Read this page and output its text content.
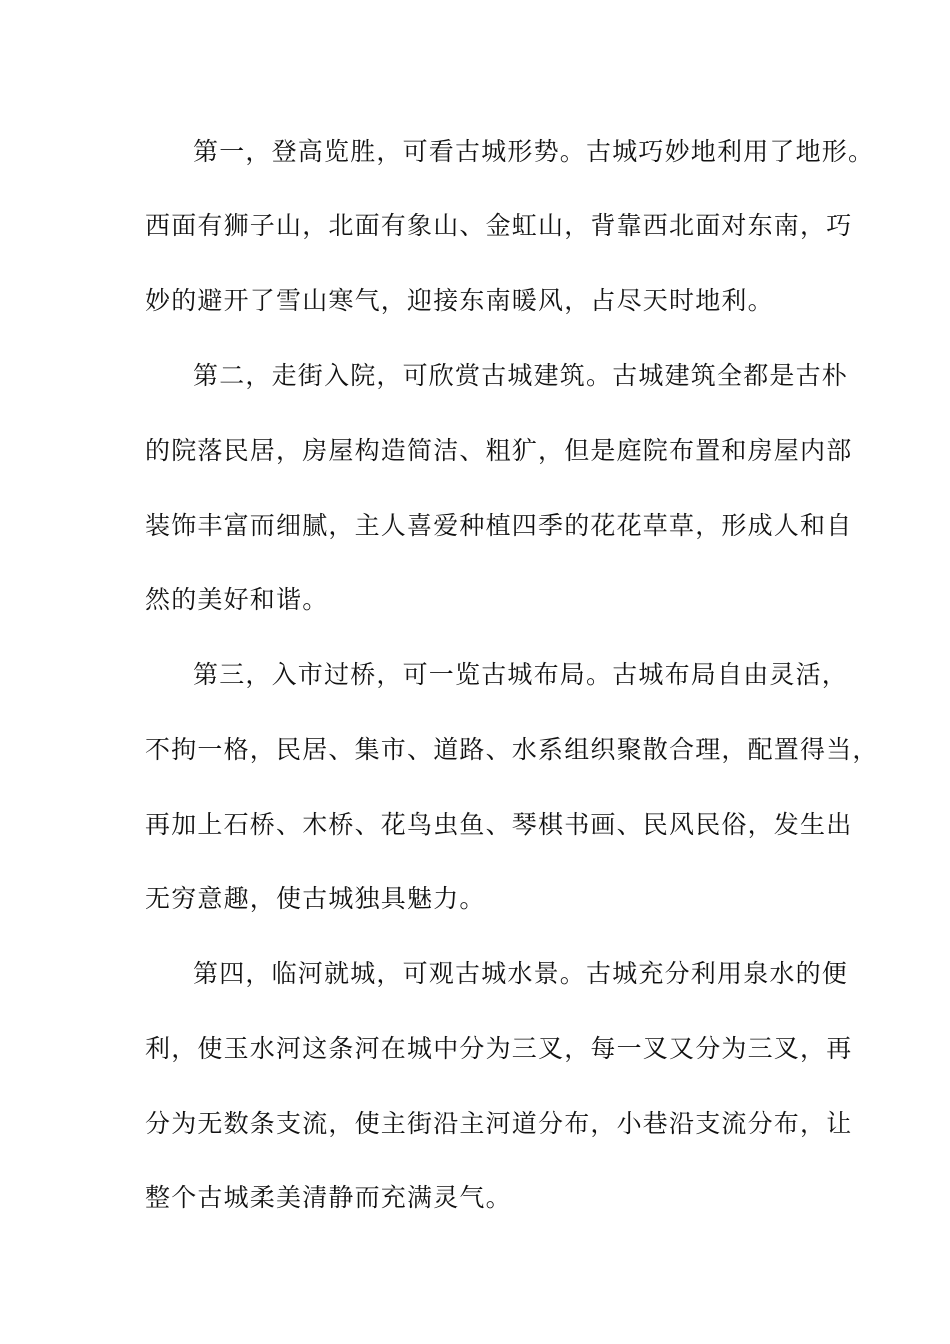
第一，登高览胜，可看古城形势。古城巧妙地利用了地形。
西面有狮子山，北面有象山、金虹山，背靠西北面对东南，巧
妙的避开了雪山寒气，迎接东南暖风，占尽天时地利。
第二，走街入院，可欣赏古城建筑。古城建筑全都是古朴
的院落民居，房屋构造简洁、粗犷，但是庭院布置和房屋内部
装饰丰富而细腻，主人喜爱种植四季的花花草草，形成人和自
然的美好和谐。
第三，入市过桥，可一览古城布局。古城布局自由灵活，
不拘一格，民居、集市、道路、水系组织聚散合理，配置得当，
再加上石桥、木桥、花鸟虫鱼、琴棋书画、民风民俗，发生出
无穷意趣，使古城独具魅力。
第四，临河就城，可观古城水景。古城充分利用泉水的便
利，使玉水河这条河在城中分为三叉，每一叉又分为三叉，再
分为无数条支流，使主街沿主河道分布，小巷沿支流分布，让
整个古城柔美清静而充满灵气。
